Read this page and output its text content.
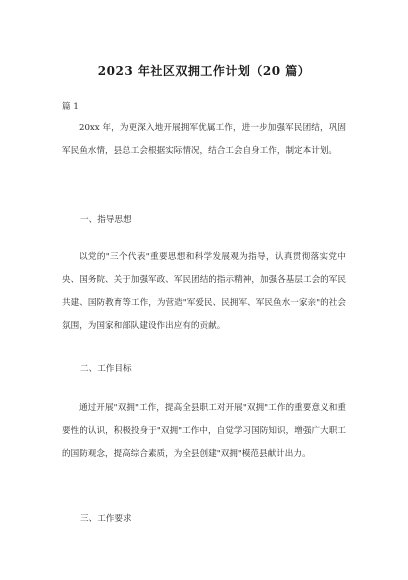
2023 年社区双拥工作计划（20 篇）
篇 1
20xx 年，为更深入地开展拥军优属工作，进一步加强军民团结，巩固军民鱼水情，县总工会根据实际情况，结合工会自身工作，制定本计划。
一、指导思想
以党的"三个代表"重要思想和科学发展观为指导，认真贯彻落实党中央、国务院、关于加强军政、军民团结的指示精神，加强各基层工会的军民共建、国防教育等工作，为营造"军爱民、民拥军、军民鱼水一家亲"的社会氛围，为国家和部队建设作出应有的贡献。
二、工作目标
通过开展"双拥"工作，提高全县职工对开展"双拥"工作的重要意义和重要性的认识，积极投身于"双拥"工作中，自觉学习国防知识，增强广大职工的国防观念，提高综合素质，为全县创建"双拥"模范县献计出力。
三、工作要求
